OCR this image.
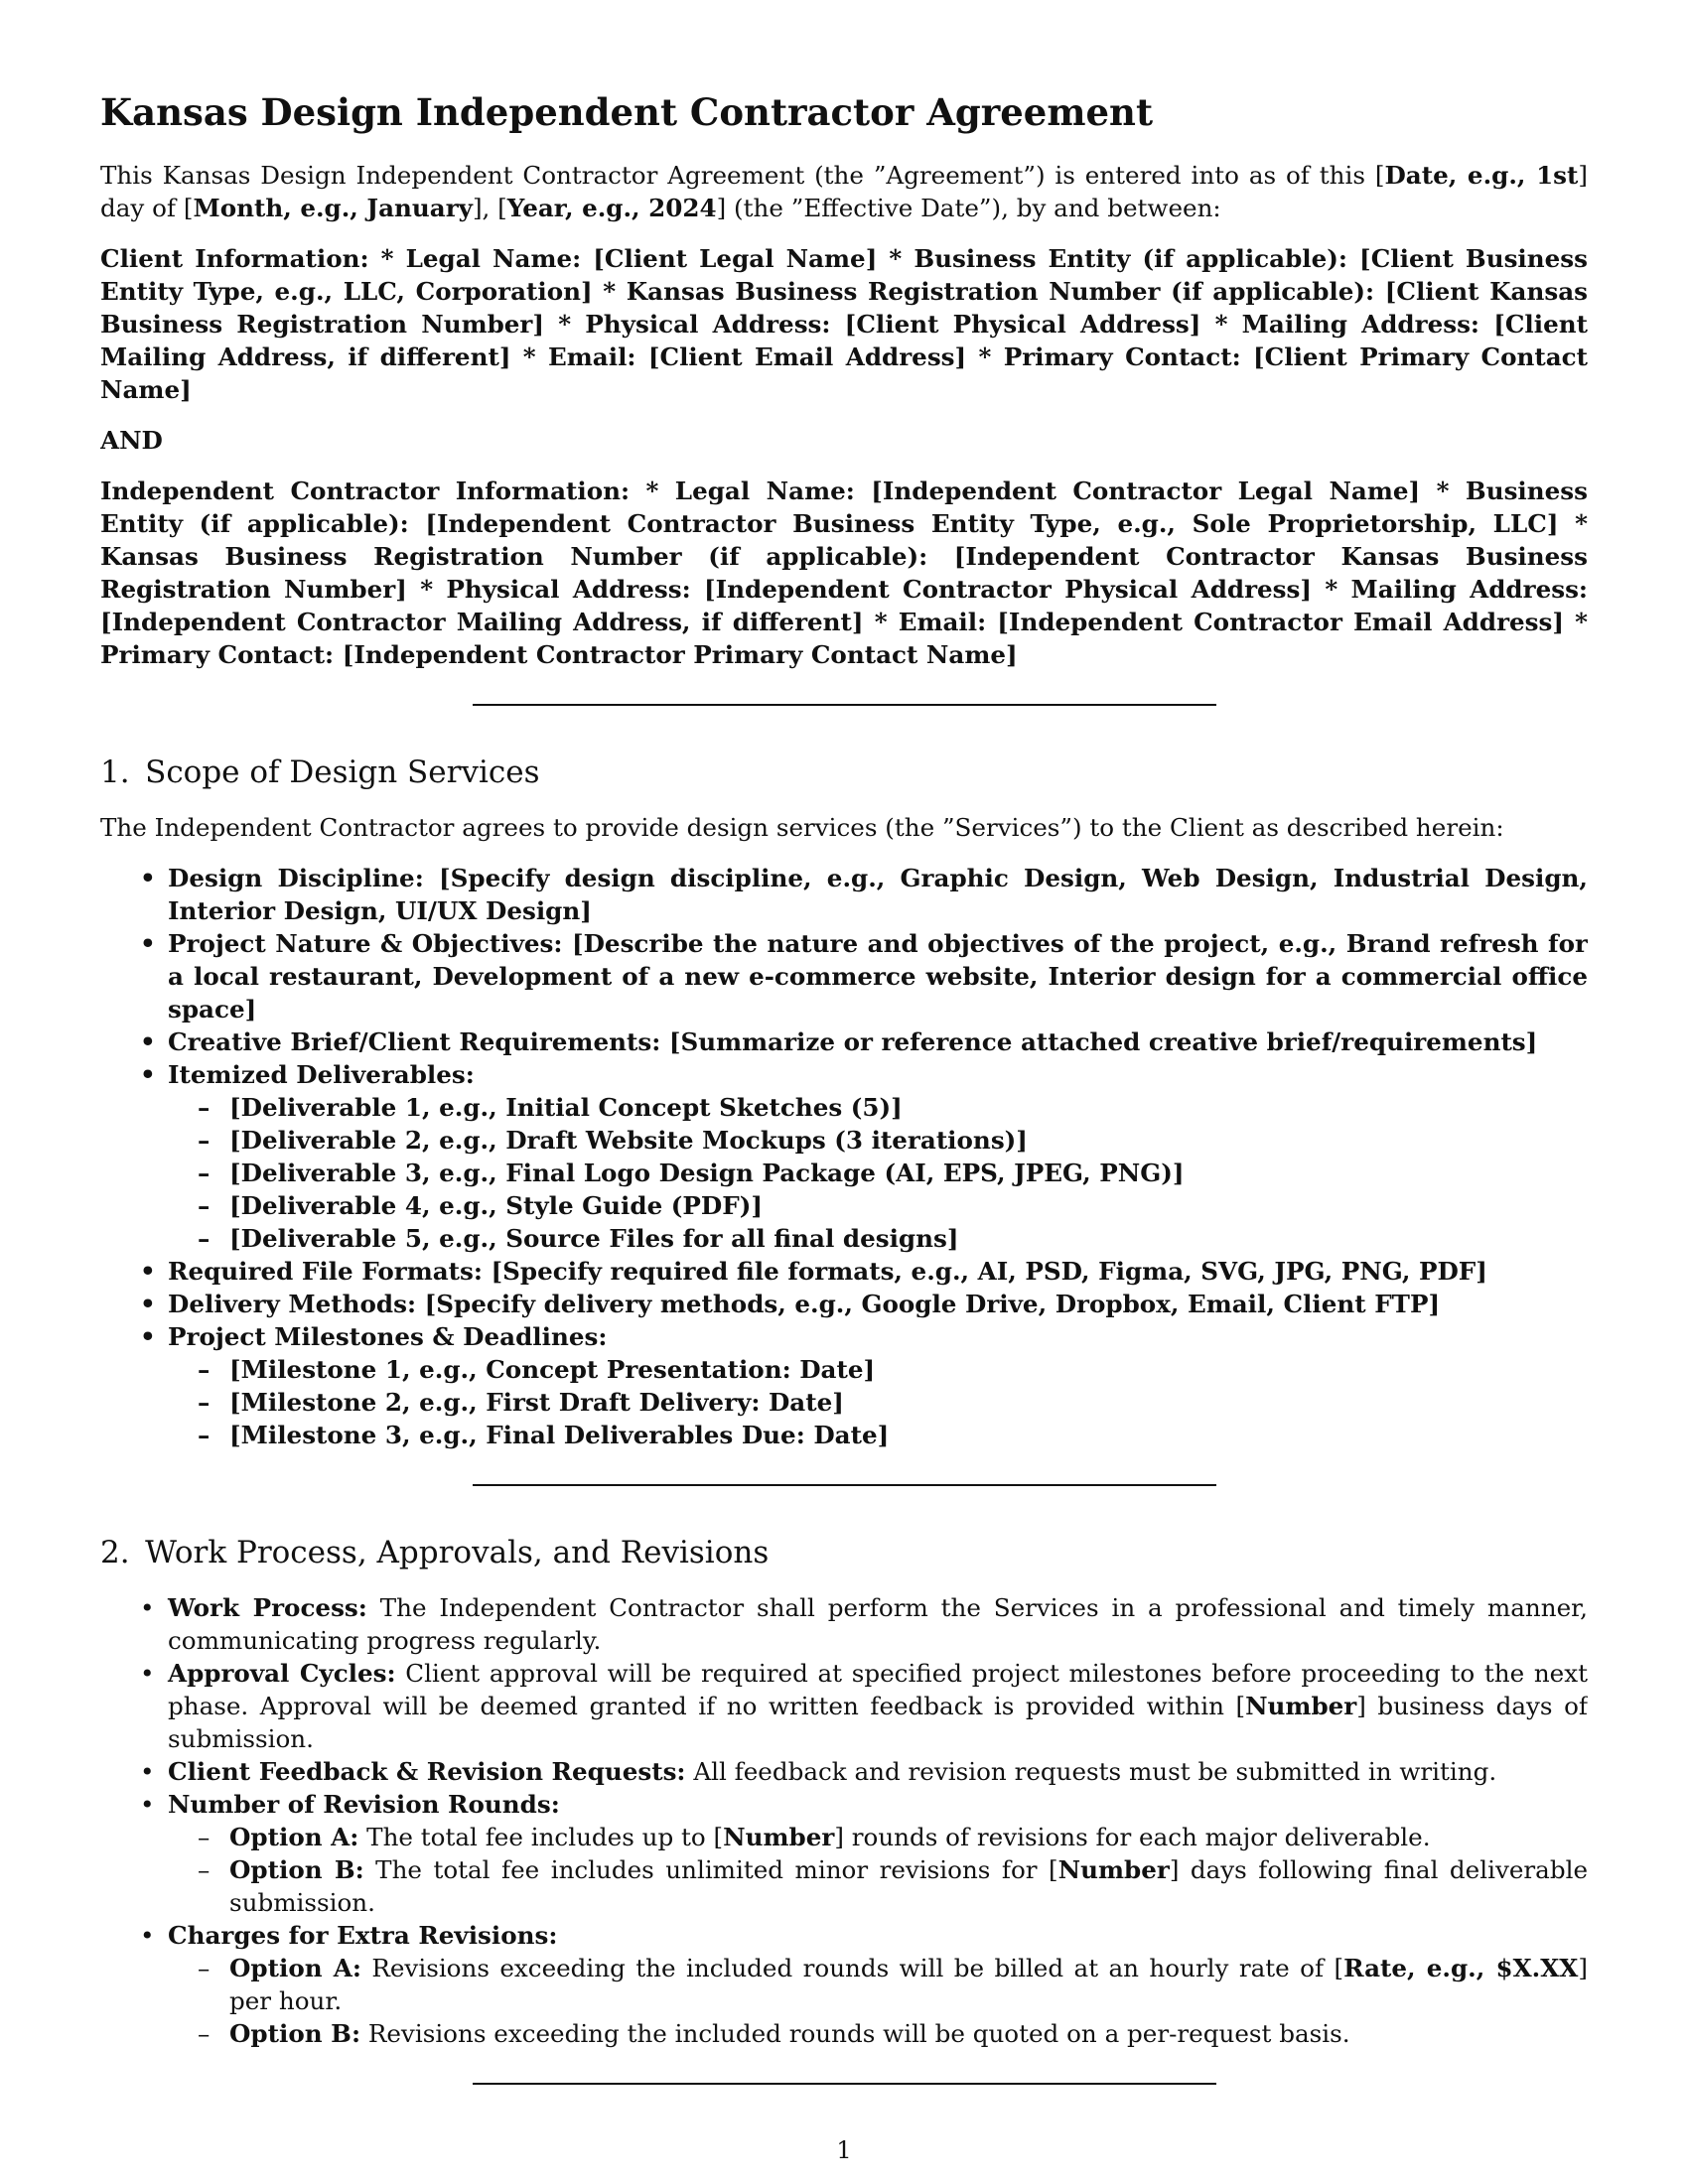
Kansas Design Independent Contractor Agreement

This Kansas Design Independent Contractor Agreement (the ”Agreement”) is entered into as of this [Date, e.g., 1st] day of [Month, e.g., January], [Year, e.g., 2024] (the ”Effective Date”), by and between:

Client Information: * Legal Name: [Client Legal Name] * Business Entity (if applicable): [Client Business Entity Type, e.g., LLC, Corporation] * Kansas Business Registration Number (if applicable): [Client Kansas Business Registration Number] * Physical Address: [Client Physical Address] * Mailing Address: [Client Mailing Address, if different] * Email: [Client Email Address] * Primary Contact: [Client Primary Contact Name]

AND

Independent Contractor Information: * Legal Name: [Independent Contractor Legal Name] * Business Entity (if applicable): [Independent Contractor Business Entity Type, e.g., Sole Proprietorship, LLC] * Kansas Business Registration Number (if applicable): [Independent Contractor Kansas Business Registration Number] * Physical Address: [Independent Contractor Physical Address] * Mailing Address: [Independent Contractor Mailing Address, if different] * Email: [Independent Contractor Email Address] * Primary Contact: [Independent Contractor Primary Contact Name]

1. Scope of Design Services

The Independent Contractor agrees to provide design services (the ”Services”) to the Client as described herein:

• Design Discipline: [Specify design discipline, e.g., Graphic Design, Web Design, Industrial Design, Interior Design, UI/UX Design]
• Project Nature & Objectives: [Describe the nature and objectives of the project, e.g., Brand refresh for a local restaurant, Development of a new e-commerce website, Interior design for a commercial office space]
• Creative Brief/Client Requirements: [Summarize or reference attached creative brief/requirements]
• Itemized Deliverables:
– [Deliverable 1, e.g., Initial Concept Sketches (5)]
– [Deliverable 2, e.g., Draft Website Mockups (3 iterations)]
– [Deliverable 3, e.g., Final Logo Design Package (AI, EPS, JPEG, PNG)]
– [Deliverable 4, e.g., Style Guide (PDF)]
– [Deliverable 5, e.g., Source Files for all final designs]
• Required File Formats: [Specify required file formats, e.g., AI, PSD, Figma, SVG, JPG, PNG, PDF]
• Delivery Methods: [Specify delivery methods, e.g., Google Drive, Dropbox, Email, Client FTP]
• Project Milestones & Deadlines:
– [Milestone 1, e.g., Concept Presentation: Date]
– [Milestone 2, e.g., First Draft Delivery: Date]
– [Milestone 3, e.g., Final Deliverables Due: Date]
2. Work Process, Approvals, and Revisions
• Work Process: The Independent Contractor shall perform the Services in a professional and timely manner, communicating progress regularly.
• Approval Cycles: Client approval will be required at specified project milestones before proceeding to the next phase. Approval will be deemed granted if no written feedback is provided within [Number] business days of submission.
• Client Feedback & Revision Requests: All feedback and revision requests must be submitted in writing.
• Number of Revision Rounds:
– Option A: The total fee includes up to [Number] rounds of revisions for each major deliverable.
– Option B: The total fee includes unlimited minor revisions for [Number] days following final deliverable submission.
• Charges for Extra Revisions:
– Option A: Revisions exceeding the included rounds will be billed at an hourly rate of [Rate, e.g., $X.XX] per hour.
– Option B: Revisions exceeding the included rounds will be quoted on a per-request basis.
1
